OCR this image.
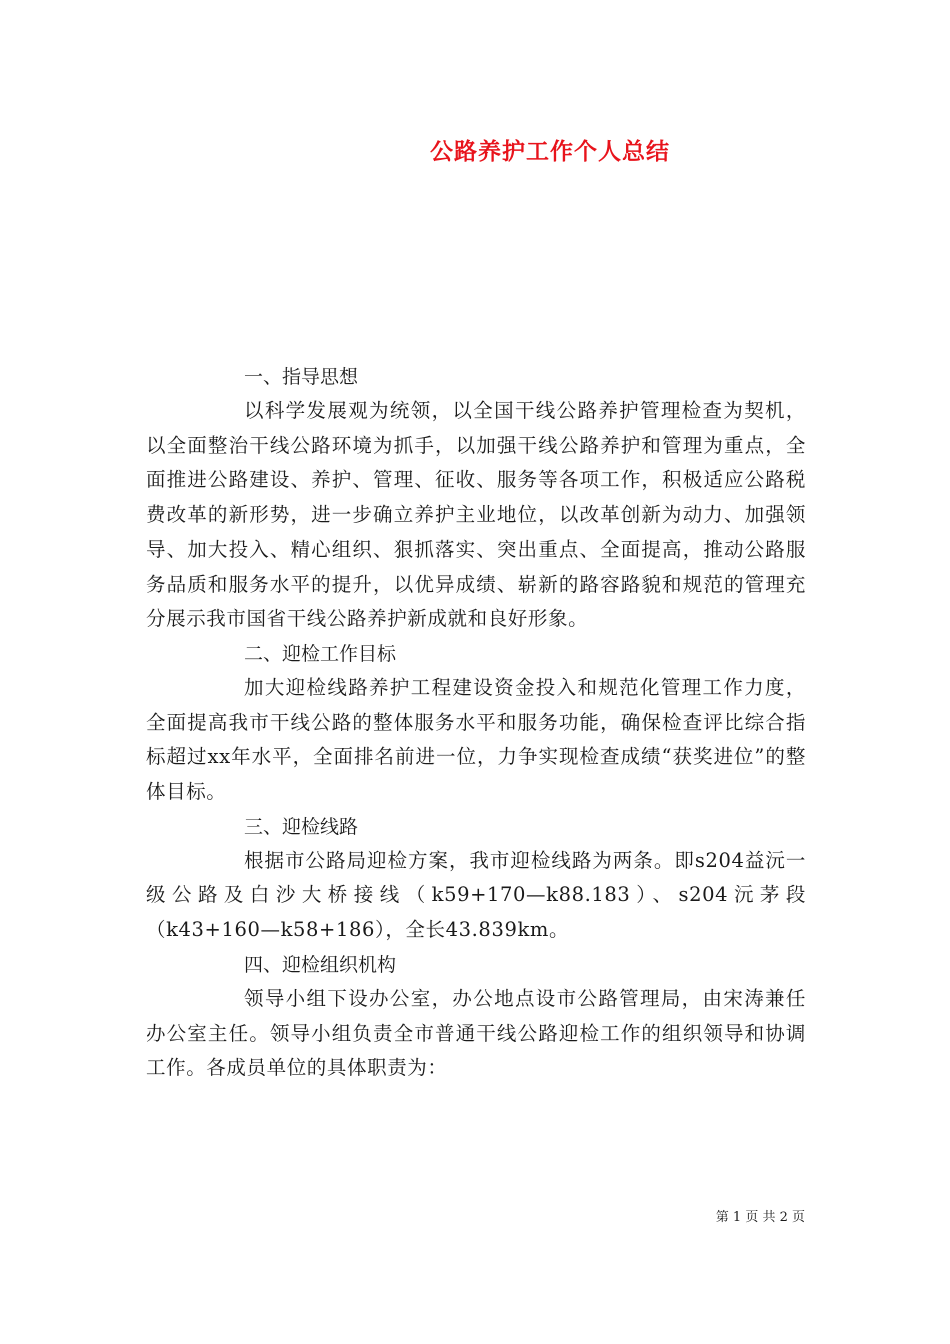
公路养护工作个人总结

一、指导思想

以科学发展观为统领，以全国干线公路养护管理检查为契机，以全面整治干线公路环境为抓手，以加强干线公路养护和管理为重点，全面推进公路建设、养护、管理、征收、服务等各项工作，积极适应公路税费改革的新形势，进一步确立养护主业地位，以改革创新为动力、加强领导、加大投入、精心组织、狠抓落实、突出重点、全面提高，推动公路服务品质和服务水平的提升，以优异成绩、崭新的路容路貌和规范的管理充分展示我市国省干线公路养护新成就和良好形象。

二、迎检工作目标

加大迎检线路养护工程建设资金投入和规范化管理工作力度，全面提高我市干线公路的整体服务水平和服务功能，确保检查评比综合指标超过xx年水平，全面排名前进一位，力争实现检查成绩“获奖进位”的整体目标。

三、迎检线路

根据市公路局迎检方案，我市迎检线路为两条。即s204益沅一级公路及白沙大桥接线（k59+170—k88.183）、s204沅茅段（k43+160—k58+186），全长43.839km。

四、迎检组织机构

领导小组下设办公室，办公地点设市公路管理局，由宋涛兼任办公室主任。领导小组负责全市普通干线公路迎检工作的组织领导和协调工作。各成员单位的具体职责为：

第 1 页 共 2 页
